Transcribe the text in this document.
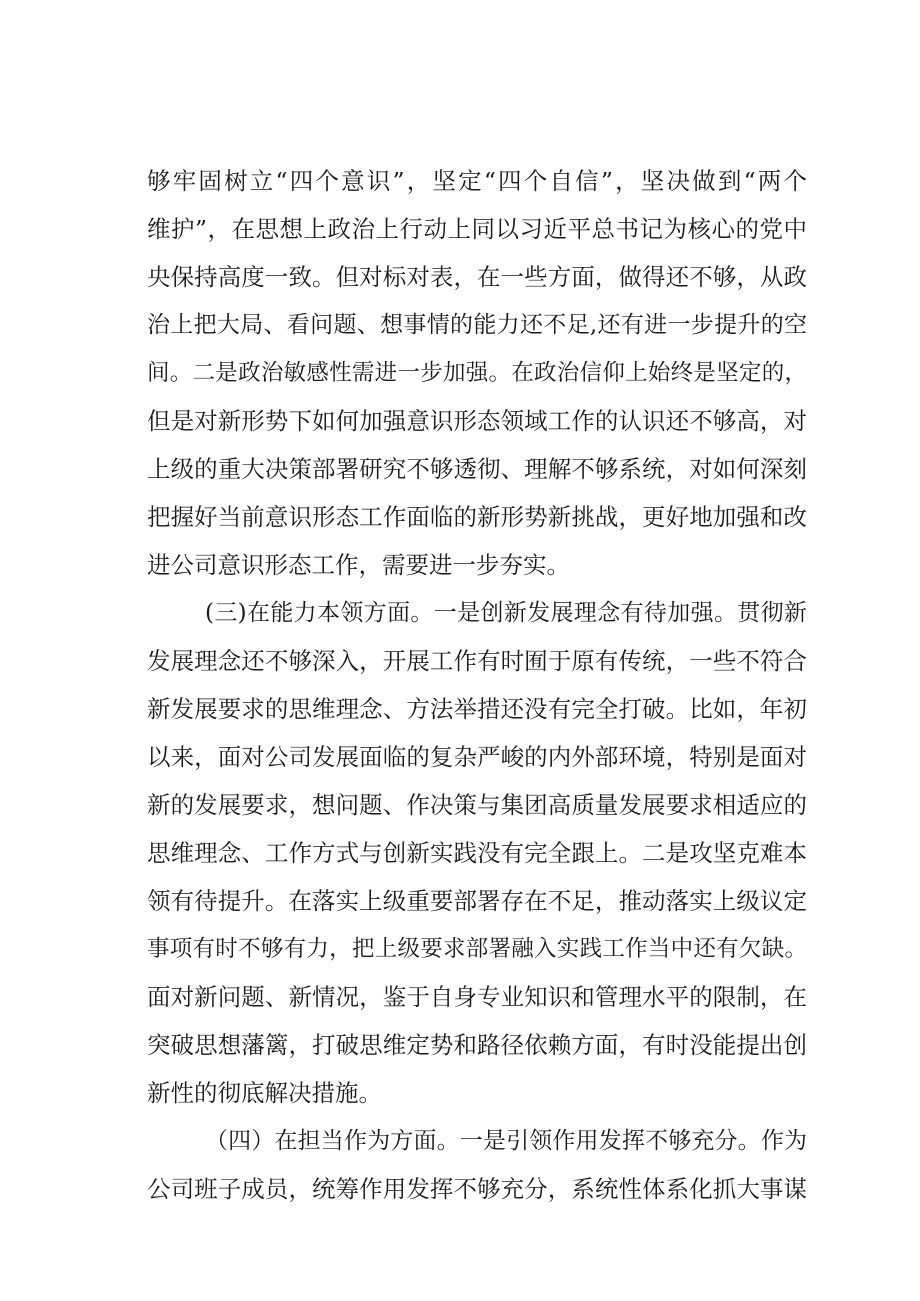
够牢固树立“四个意识”，坚定“四个自信”，坚决做到“两个
维护”，在思想上政治上行动上同以习近平总书记为核心的党中
央保持高度一致。但对标对表，在一些方面，做得还不够，从政
治上把大局、看问题、想事情的能力还不足,还有进一步提升的空
间。二是政治敏感性需进一步加强。在政治信仰上始终是坚定的，
但是对新形势下如何加强意识形态领域工作的认识还不够高，对
上级的重大决策部署研究不够透彻、理解不够系统，对如何深刻
把握好当前意识形态工作面临的新形势新挑战，更好地加强和改
进公司意识形态工作，需要进一步夯实。
(三)在能力本领方面。一是创新发展理念有待加强。贯彻新
发展理念还不够深入，开展工作有时囿于原有传统，一些不符合
新发展要求的思维理念、方法举措还没有完全打破。比如，年初
以来，面对公司发展面临的复杂严峻的内外部环境，特别是面对
新的发展要求，想问题、作决策与集团高质量发展要求相适应的
思维理念、工作方式与创新实践没有完全跟上。二是攻坚克难本
领有待提升。在落实上级重要部署存在不足，推动落实上级议定
事项有时不够有力，把上级要求部署融入实践工作当中还有欠缺。
面对新问题、新情况，鉴于自身专业知识和管理水平的限制，在
突破思想藩篱，打破思维定势和路径依赖方面，有时没能提出创
新性的彻底解决措施。
（四）在担当作为方面。一是引领作用发挥不够充分。作为
公司班子成员，统筹作用发挥不够充分，系统性体系化抓大事谋
